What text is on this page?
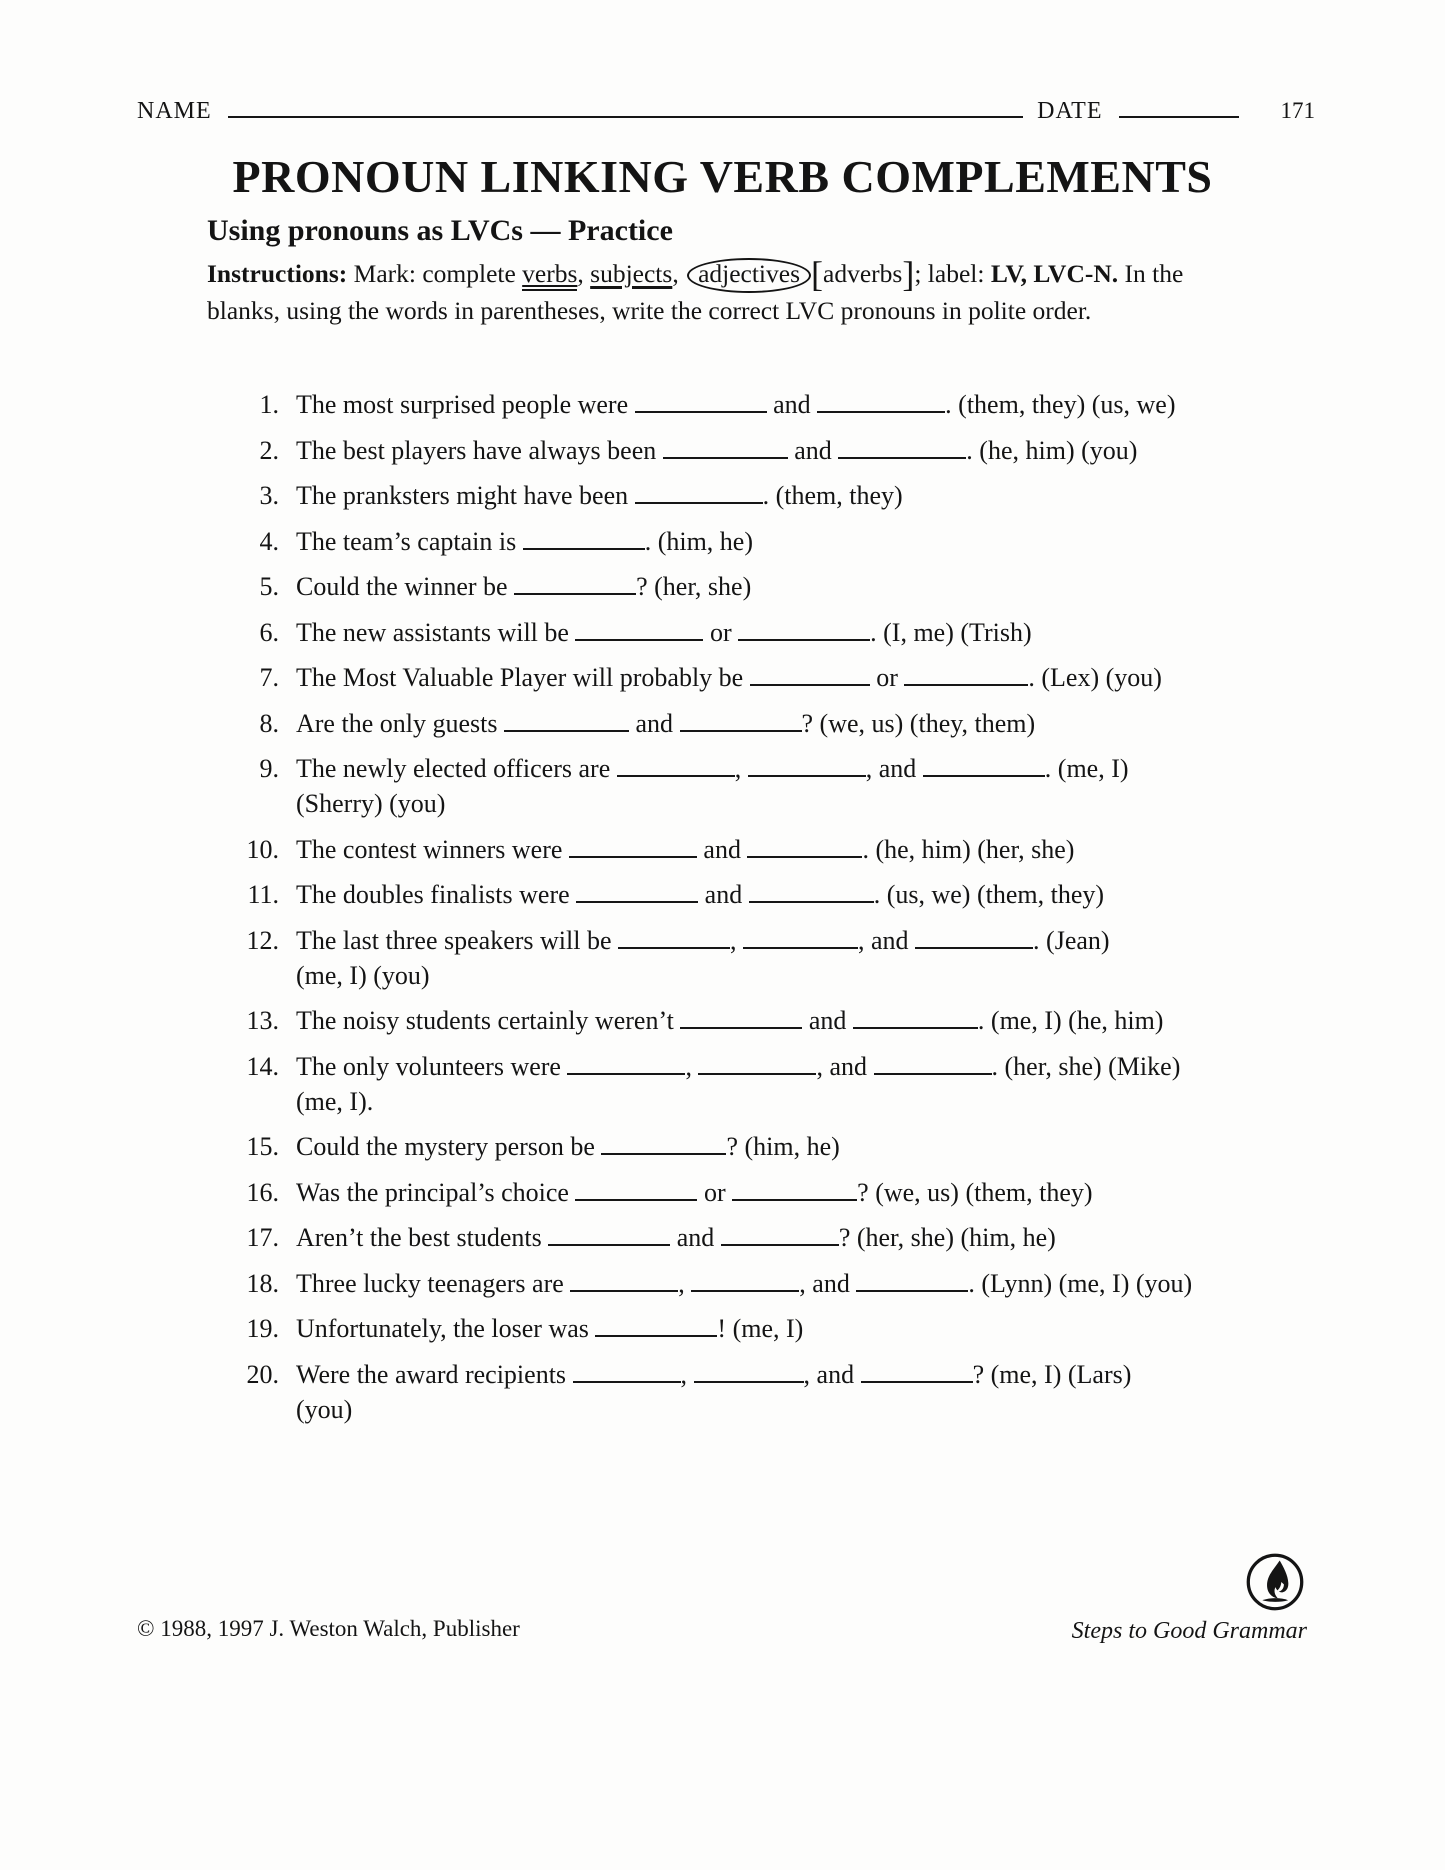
NAME	DATE	171
PRONOUN LINKING VERB COMPLEMENTS
Using pronouns as LVCs — Practice
Instructions: Mark: complete verbs, subjects, adjectives [adverbs]; label: LV, LVC-N. In the
blanks, using the words in parentheses, write the correct LVC pronouns in polite order.
1. The most surprised people were	and	. (them, they) (us, we)
2. The best players have always been	and	. (he, him) (you)
3. The pranksters might have been	. (them, they)
4. The team’s captain is	. (him, he)
5. Could the winner be	? (her, she)
6. The new assistants will be	or	. (I, me) (Trish)
7. The Most Valuable Player will probably be	or	. (Lex) (you)
8. Are the only guests	and	? (we, us) (they, them)
9. The newly elected officers are	,	, and	. (me, I)
(Sherry) (you)
10. The contest winners were	and	. (he, him) (her, she)
11. The doubles finalists were	and	. (us, we) (them, they)
12. The last three speakers will be	,	, and	. (Jean)
(me, I) (you)
13. The noisy students certainly weren’t	and	. (me, I) (he, him)
14. The only volunteers were	,	, and	. (her, she) (Mike)
(me, I).
15. Could the mystery person be	? (him, he)
16. Was the principal’s choice	or	? (we, us) (them, they)
17. Aren’t the best students	and	? (her, she) (him, he)
18. Three lucky teenagers are	,	, and	. (Lynn) (me, I) (you)
19. Unfortunately, the loser was	! (me, I)
20. Were the award recipients	,	, and	? (me, I) (Lars)
(you)
© 1988, 1997 J. Weston Walch, Publisher	Steps to Good Grammar
